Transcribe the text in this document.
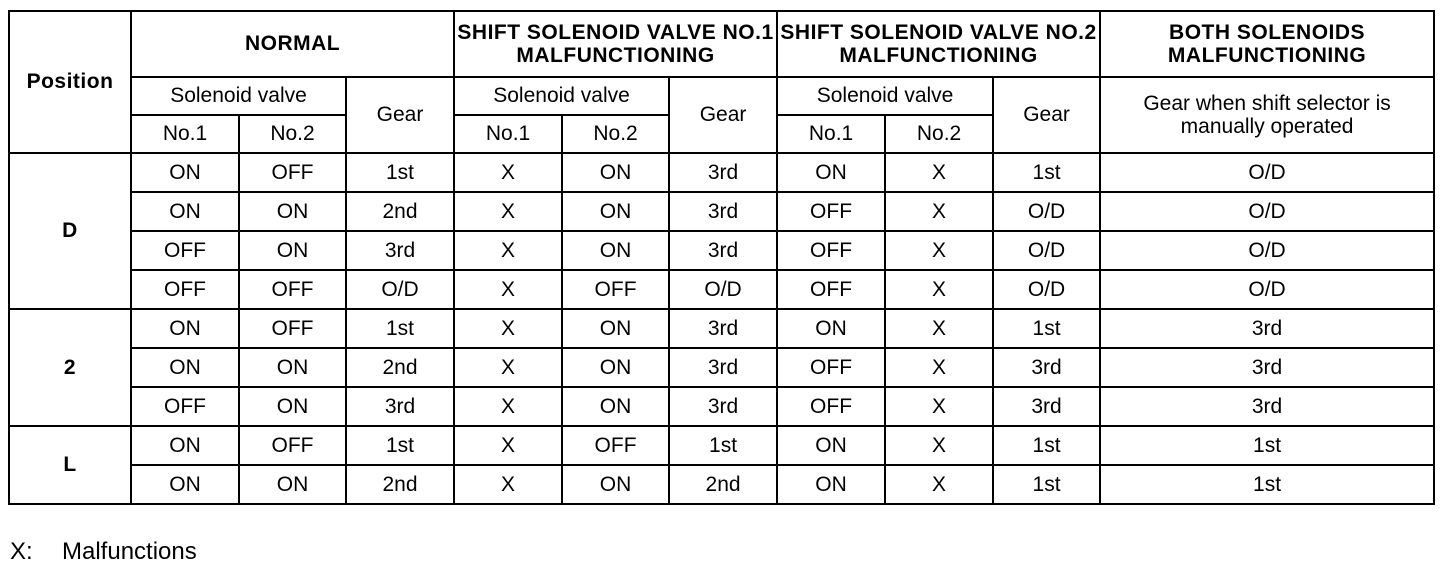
Position	NORMAL			SHIFT SOLENOID VALVE NO.1 MALFUNCTIONING			SHIFT SOLENOID VALVE NO.2 MALFUNCTIONING			BOTH SOLENOIDS MALFUNCTIONING
	Solenoid valve		Gear	Solenoid valve		Gear	Solenoid valve		Gear	Gear when shift selector is manually operated
	No.1	No.2		No.1	No.2		No.1	No.2		
D	ON	OFF	1st	X	ON	3rd	ON	X	1st	O/D
	ON	ON	2nd	X	ON	3rd	OFF	X	O/D	O/D
	OFF	ON	3rd	X	ON	3rd	OFF	X	O/D	O/D
	OFF	OFF	O/D	X	OFF	O/D	OFF	X	O/D	O/D
2	ON	OFF	1st	X	ON	3rd	ON	X	1st	3rd
	ON	ON	2nd	X	ON	3rd	OFF	X	3rd	3rd
	OFF	ON	3rd	X	ON	3rd	OFF	X	3rd	3rd
L	ON	OFF	1st	X	OFF	1st	ON	X	1st	1st
	ON	ON	2nd	X	ON	2nd	ON	X	1st	1st
X: Malfunctions
